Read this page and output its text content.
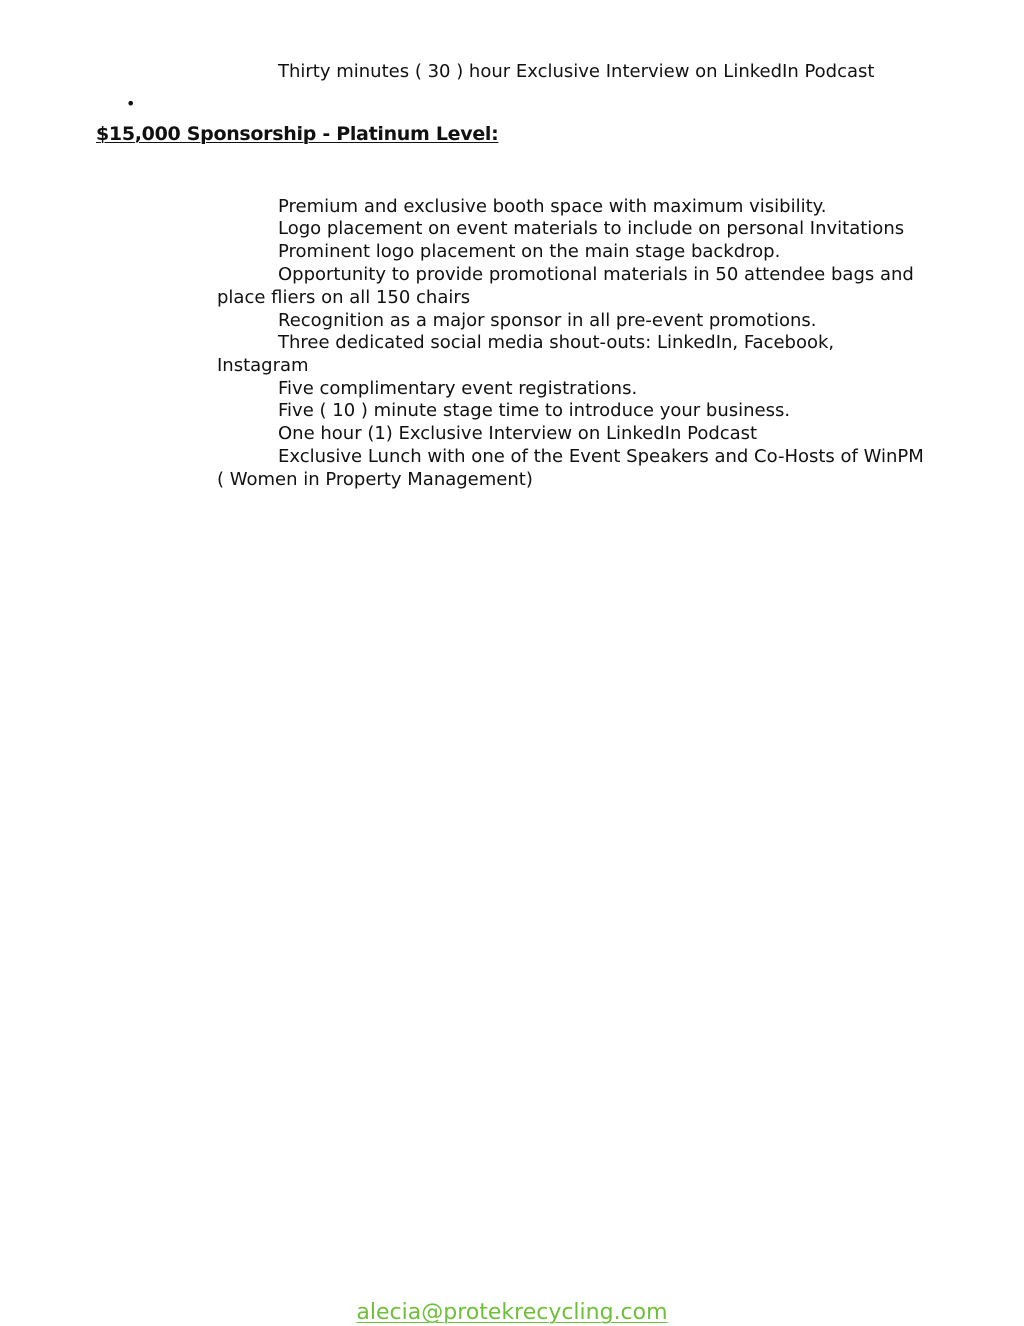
Thirty minutes ( 30 ) hour Exclusive Interview on LinkedIn Podcast
•
$15,000 Sponsorship - Platinum Level:
Premium and exclusive booth space with maximum visibility.
Logo placement on event materials to include on personal Invitations
Prominent logo placement on the main stage backdrop.
Opportunity to provide promotional materials in 50 attendee bags and
place fliers on all 150 chairs
Recognition as a major sponsor in all pre-event promotions.
Three dedicated social media shout-outs: LinkedIn, Facebook,
Instagram
Five complimentary event registrations.
Five ( 10 ) minute stage time to introduce your business.
One hour (1) Exclusive Interview on LinkedIn Podcast
Exclusive Lunch with one of the Event Speakers and Co-Hosts of WinPM
( Women in Property Management)
alecia@protekrecycling.com
